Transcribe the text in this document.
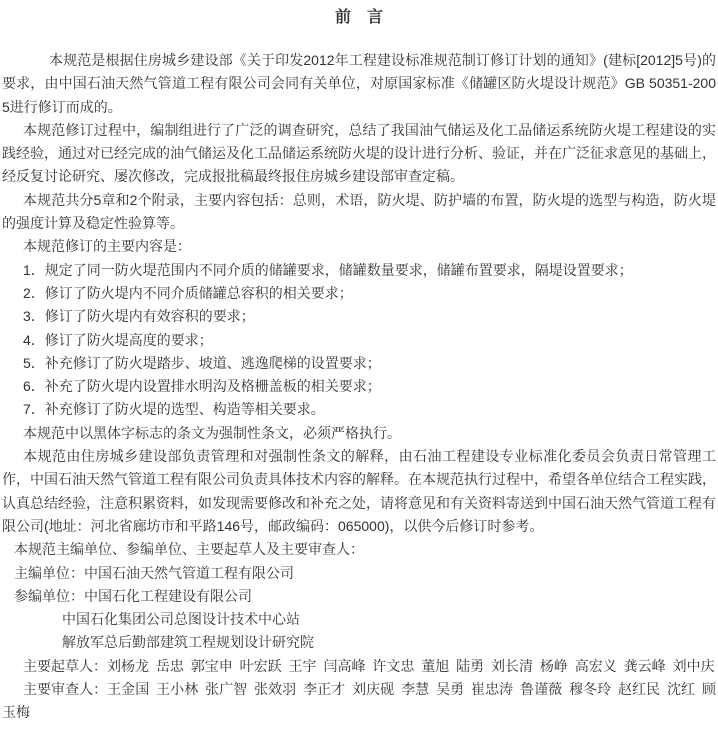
前　言

本规范是根据住房城乡建设部《关于印发2012年工程建设标准规范制订修订计划的通知》(建标[2012]5号)的要求，由中国石油天然气管道工程有限公司会同有关单位，对原国家标准《储罐区防火堤设计规范》GB 50351-2005进行修订而成的。

本规范修订过程中，编制组进行了广泛的调查研究，总结了我国油气储运及化工品储运系统防火堤工程建设的实践经验，通过对已经完成的油气储运及化工品储运系统防火堤的设计进行分析、验证，并在广泛征求意见的基础上，经反复讨论研究、屡次修改，完成报批稿最终报住房城乡建设部审查定稿。

本规范共分5章和2个附录，主要内容包括：总则，术语，防火堤、防护墙的布置，防火堤的选型与构造，防火堤的强度计算及稳定性验算等。

本规范修订的主要内容是：

1．规定了同一防火堤范围内不同介质的储罐要求，储罐数量要求，储罐布置要求，隔堤设置要求；

2．修订了防火堤内不同介质储罐总容积的相关要求；

3．修订了防火堤内有效容积的要求；

4．修订了防火堤高度的要求；

5．补充修订了防火堤踏步、坡道、逃逸爬梯的设置要求；

6．补充了防火堤内设置排水明沟及格栅盖板的相关要求；

7．补充修订了防火堤的选型、构造等相关要求。

本规范中以黑体字标志的条文为强制性条文，必须严格执行。

本规范由住房城乡建设部负责管理和对强制性条文的解释，由石油工程建设专业标准化委员会负责日常管理工作，中国石油天然气管道工程有限公司负责具体技术内容的解释。在本规范执行过程中，希望各单位结合工程实践，认真总结经验，注意积累资料，如发现需要修改和补充之处，请将意见和有关资料寄送到中国石油天然气管道工程有限公司(地址：河北省廊坊市和平路146号，邮政编码：065000)，以供今后修订时参考。

本规范主编单位、参编单位、主要起草人及主要审查人：

主编单位：中国石油天然气管道工程有限公司

参编单位：中国石化工程建设有限公司

中国石化集团公司总图设计技术中心站

解放军总后勤部建筑工程规划设计研究院

主要起草人：刘杨龙 岳忠 郭宝申 叶宏跃 王宇 闫高峰 许文忠 董旭 陆勇 刘长清 杨峥 高宏义 龚云峰 刘中庆

主要审查人：王金国 王小林 张广智 张效羽 李正才 刘庆砚 李慧 吴勇 崔忠涛 鲁谨薇 穆冬玲 赵红民 沈红 顾玉梅
